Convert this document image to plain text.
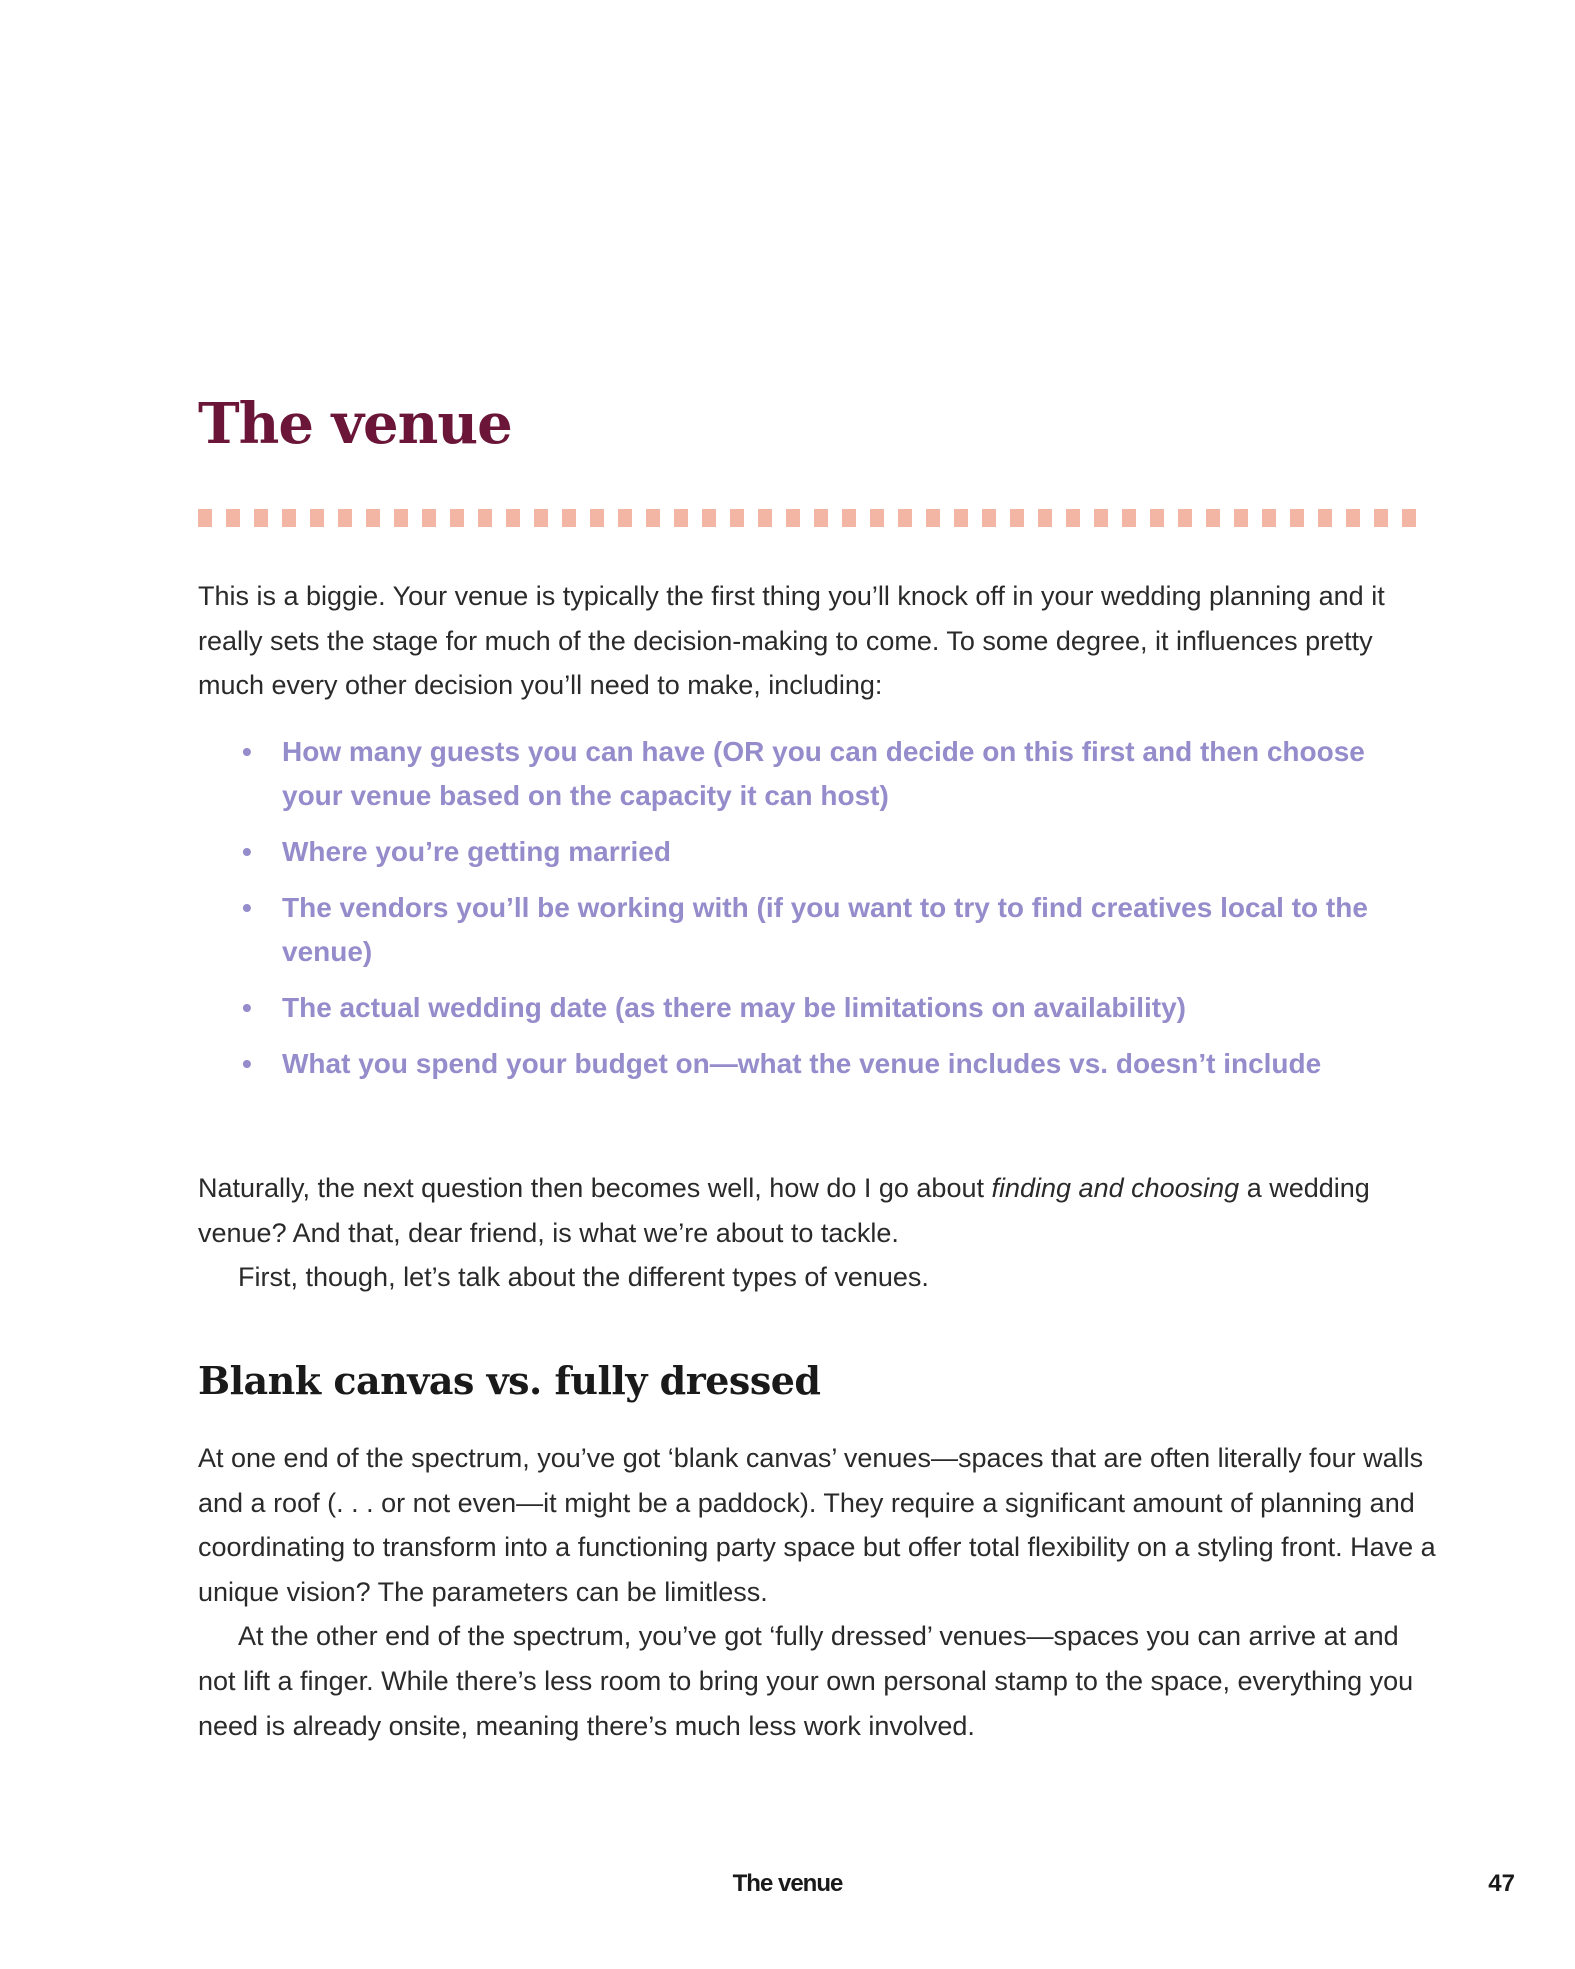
The venue

This is a biggie. Your venue is typically the first thing you’ll knock off in your wedding planning and it really sets the stage for much of the decision-making to come. To some degree, it influences pretty much every other decision you’ll need to make, including:

• How many guests you can have (OR you can decide on this first and then choose your venue based on the capacity it can host)
• Where you’re getting married
• The vendors you’ll be working with (if you want to try to find creatives local to the venue)
• The actual wedding date (as there may be limitations on availability)
• What you spend your budget on—what the venue includes vs. doesn’t include

Naturally, the next question then becomes well, how do I go about finding and choosing a wedding venue? And that, dear friend, is what we’re about to tackle.

First, though, let’s talk about the different types of venues.

Blank canvas vs. fully dressed

At one end of the spectrum, you’ve got ‘blank canvas’ venues—spaces that are often literally four walls and a roof (. . . or not even—it might be a paddock). They require a significant amount of planning and coordinating to transform into a functioning party space but offer total flexibility on a styling front. Have a unique vision? The parameters can be limitless.

At the other end of the spectrum, you’ve got ‘fully dressed’ venues—spaces you can arrive at and not lift a finger. While there’s less room to bring your own personal stamp to the space, everything you need is already onsite, meaning there’s much less work involved.

The venue	47
